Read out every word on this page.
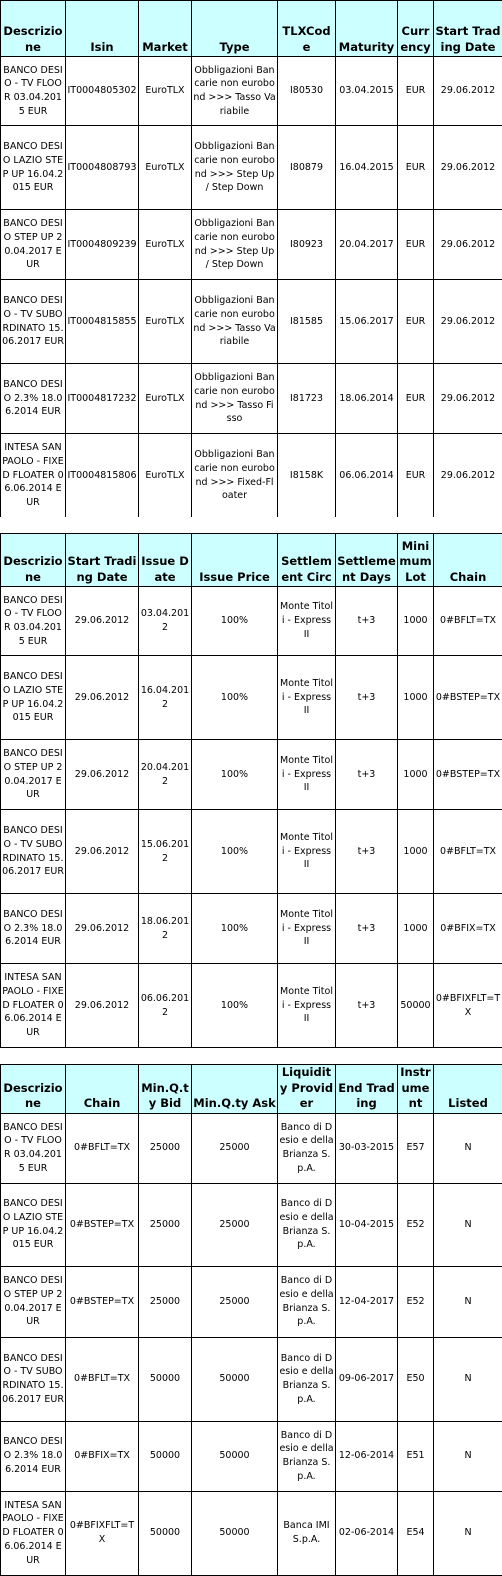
Descrizione	Isin	Market	Type	TLXCode	Maturity	Currency	Start Trading Date
BANCO DESIO - TV FLOOR 03.04.2015 EUR	IT0004805302	EuroTLX	Obbligazioni Bancarie non eurobond >>> Tasso Variabile	I80530	03.04.2015	EUR	29.06.2012
BANCO DESIO LAZIO STEP UP 16.04.2015 EUR	IT0004808793	EuroTLX	Obbligazioni Bancarie non eurobond >>> Step Up / Step Down	I80879	16.04.2015	EUR	29.06.2012
BANCO DESIO STEP UP 20.04.2017 EUR	IT0004809239	EuroTLX	Obbligazioni Bancarie non eurobond >>> Step Up / Step Down	I80923	20.04.2017	EUR	29.06.2012
BANCO DESIO - TV SUBORDINATO 15.06.2017 EUR	IT0004815855	EuroTLX	Obbligazioni Bancarie non eurobond >>> Tasso Variabile	I81585	15.06.2017	EUR	29.06.2012
BANCO DESIO 2.3% 18.06.2014 EUR	IT0004817232	EuroTLX	Obbligazioni Bancarie non eurobond >>> Tasso Fisso	I81723	18.06.2014	EUR	29.06.2012
INTESA SANPAOLO - FIXED FLOATER 06.06.2014 EUR	IT0004815806	EuroTLX	Obbligazioni Bancarie non eurobond >>> Fixed-Floater	I8158K	06.06.2014	EUR	29.06.2012
Descrizione	Start Trading Date	Issue Date	Issue Price	Settlement Circ	Settlement Days	Minimum Lot	Chain
BANCO DESIO - TV FLOOR 03.04.2015 EUR	29.06.2012	03.04.2012	100%	Monte Titoli - Express II	t+3	1000	0#BFLT=TX
BANCO DESIO LAZIO STEP UP 16.04.2015 EUR	29.06.2012	16.04.2012	100%	Monte Titoli - Express II	t+3	1000	0#BSTEP=TX
BANCO DESIO STEP UP 20.04.2017 EUR	29.06.2012	20.04.2012	100%	Monte Titoli - Express II	t+3	1000	0#BSTEP=TX
BANCO DESIO - TV SUBORDINATO 15.06.2017 EUR	29.06.2012	15.06.2012	100%	Monte Titoli - Express II	t+3	1000	0#BFLT=TX
BANCO DESIO 2.3% 18.06.2014 EUR	29.06.2012	18.06.2012	100%	Monte Titoli - Express II	t+3	1000	0#BFIX=TX
INTESA SANPAOLO - FIXED FLOATER 06.06.2014 EUR	29.06.2012	06.06.2012	100%	Monte Titoli - Express II	t+3	50000	0#BFIXFLT=TX
Descrizione	Chain	Min.Q.ty Bid	Min.Q.ty Ask	Liquidity Provider	End Trading	Instrument	Listed
BANCO DESIO - TV FLOOR 03.04.2015 EUR	0#BFLT=TX	25000	25000	Banco di Desio e della Brianza S.p.A.	30-03-2015	E57	N
BANCO DESIO LAZIO STEP UP 16.04.2015 EUR	0#BSTEP=TX	25000	25000	Banco di Desio e della Brianza S.p.A.	10-04-2015	E52	N
BANCO DESIO STEP UP 20.04.2017 EUR	0#BSTEP=TX	25000	25000	Banco di Desio e della Brianza S.p.A.	12-04-2017	E52	N
BANCO DESIO - TV SUBORDINATO 15.06.2017 EUR	0#BFLT=TX	50000	50000	Banco di Desio e della Brianza S.p.A.	09-06-2017	E50	N
BANCO DESIO 2.3% 18.06.2014 EUR	0#BFIX=TX	50000	50000	Banco di Desio e della Brianza S.p.A.	12-06-2014	E51	N
INTESA SANPAOLO - FIXED FLOATER 06.06.2014 EUR	0#BFIXFLT=TX	50000	50000	Banca IMI S.p.A.	02-06-2014	E54	N
